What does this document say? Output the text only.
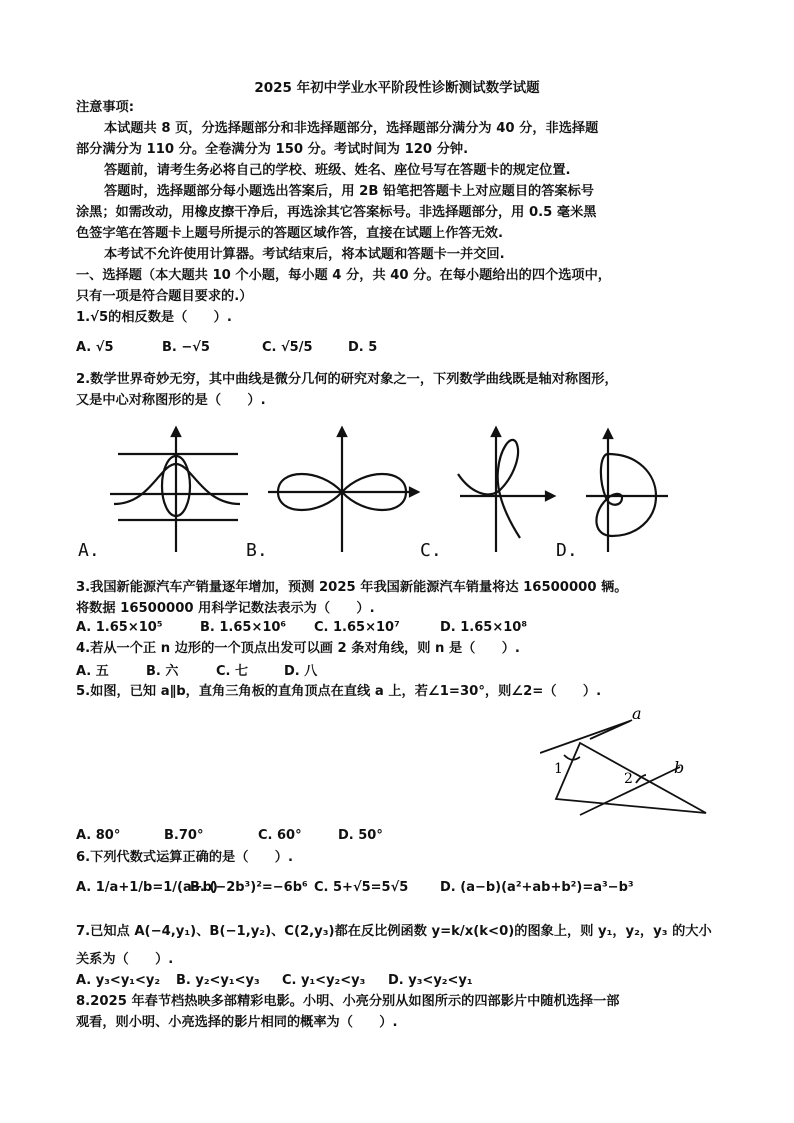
2025 年初中学业水平阶段性诊断测试数学试题
注意事项:
本试题共 8 页，分选择题部分和非选择题部分，选择题部分满分为 40 分，非选择题
部分满分为 110 分。全卷满分为 150 分。考试时间为 120 分钟.
答题前，请考生务必将自己的学校、班级、姓名、座位号写在答题卡的规定位置.
答题时，选择题部分每小题选出答案后，用 2B 铅笔把答题卡上对应题目的答案标号
涂黑；如需改动，用橡皮擦干净后，再选涂其它答案标号。非选择题部分，用 0.5 毫米黑
色签字笔在答题卡上题号所提示的答题区域作答，直接在试题上作答无效.
本考试不允许使用计算器。考试结束后，将本试题和答题卡一并交回.
一、选择题（本大题共 10 个小题，每小题 4 分，共 40 分。在每小题给出的四个选项中，
只有一项是符合题目要求的.）
1.√5的相反数是（　　）.
A. √5	B. −√5	C. √5/5	D. 5
2.数学世界奇妙无穷，其中曲线是微分几何的研究对象之一，下列数学曲线既是轴对称图形，
又是中心对称图形的是（　　）.
A.	B.	C.	D.
3.我国新能源汽车产销量逐年增加，预测 2025 年我国新能源汽车销量将达 16500000 辆。
将数据 16500000 用科学记数法表示为（　　）.
A. 1.65×10⁵	B. 1.65×10⁶ C. 1.65×10⁷	D. 1.65×10⁸
4.若从一个正 n 边形的一个顶点出发可以画 2 条对角线，则 n 是（　　）.
A. 五	B. 六	C. 七	D. 八
5.如图，已知 a∥b，直角三角板的直角顶点在直线 a 上，若∠1=30°，则∠2=（　　）.
a
b
1
2
A. 80°	B.70°	C. 60°	D. 50°
6.下列代数式运算正确的是（　　）.
A. 1/a+1/b=1/(a+b)
B. (−2b³)²=−6b⁶ C. 5+√5=5√5 D. (a−b)(a²+ab+b²)=a³−b³
7.已知点 A(−4,y₁)、B(−1,y₂)、C(2,y₃)都在反比例函数 y=k/x(k<0)的图象上，则 y₁，y₂，y₃ 的大小
关系为（　　）.
A. y₃<y₁<y₂ B. y₂<y₁<y₃ C. y₁<y₂<y₃ D. y₃<y₂<y₁
8.2025 年春节档热映多部精彩电影。小明、小亮分别从如图所示的四部影片中随机选择一部
观看，则小明、小亮选择的影片相同的概率为（　　）.
